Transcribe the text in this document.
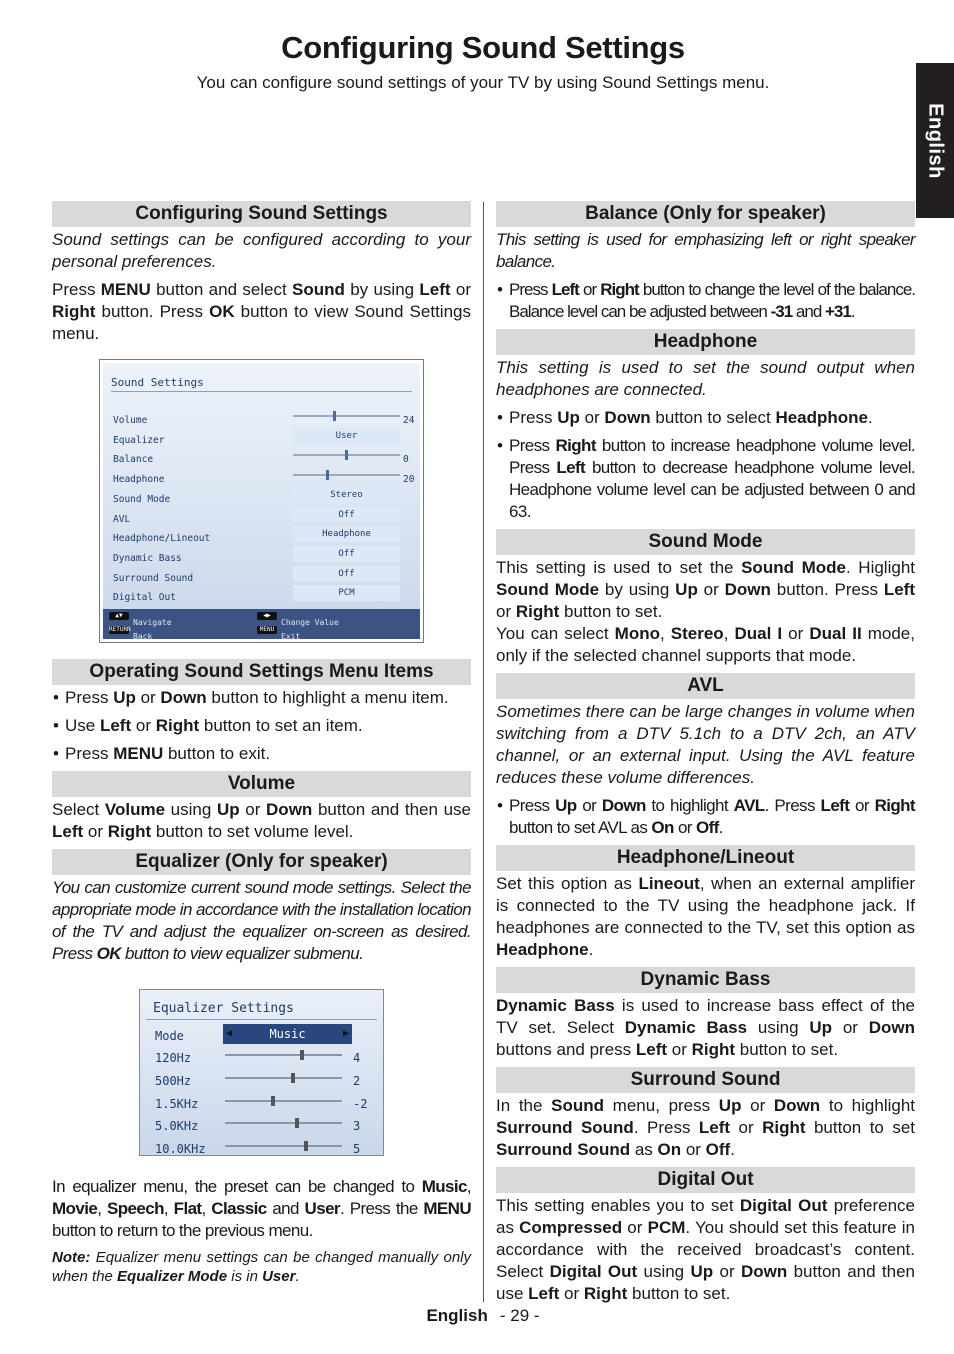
Configuring Sound Settings
You can configure sound settings of your TV by using Sound Settings menu.
English
Configuring Sound Settings

Sound settings can be configured according to your personal preferences.

Press MENU button and select Sound by using Left or Right button. Press OK button to view Sound Settings menu.

Sound Settings
Volume	24
Equalizer	User
Balance	0
Headphone	20
Sound Mode	Stereo
AVL	Off
Headphone/Lineout	Headphone
Dynamic Bass	Off
Surround Sound	Off
Digital Out	PCM
▲▼
Navigate
RETURN
Back
◀▶
Change Value
MENU
Exit
Operating Sound Settings Menu Items
• Press Up or Down button to highlight a menu item.
• Use Left or Right button to set an item.
• Press MENU button to exit.
Volume

Select Volume using Up or Down button and then use Left or Right button to set volume level.

Equalizer (Only for speaker)

You can customize current sound mode settings. Select the appropriate mode in accordance with the installation location of the TV and adjust the equalizer on-screen as desired. Press OK button to view equalizer submenu.

Equalizer Settings
Mode	◀	Music	▶
120Hz	4
500Hz	2
1.5KHz	-2
5.0KHz	3
10.0KHz	5

In equalizer menu, the preset can be changed to Music, Movie, Speech, Flat, Classic and User. Press the MENU button to return to the previous menu.

Note: Equalizer menu settings can be changed manually only when the Equalizer Mode is in User.

Balance (Only for speaker)

This setting is used for emphasizing left or right speaker balance.

• Press Left or Right button to change the level of the balance. Balance level can be adjusted between -31 and +31.
Headphone

This setting is used to set the sound output when headphones are connected.

• Press Up or Down button to select Headphone.
• Press Right button to increase headphone volume level. Press Left button to decrease headphone volume level. Headphone volume level can be adjusted between 0 and 63.
Sound Mode

This setting is used to set the Sound Mode. Higlight Sound Mode by using Up or Down button. Press Left or Right button to set.

You can select Mono, Stereo, Dual I or Dual II mode, only if the selected channel supports that mode.

AVL

Sometimes there can be large changes in volume when switching from a DTV 5.1ch to a DTV 2ch, an ATV channel, or an external input. Using the AVL feature reduces these volume differences.

• Press Up or Down to highlight AVL. Press Left or Right button to set AVL as On or Off.
Headphone/Lineout

Set this option as Lineout, when an external amplifier is connected to the TV using the headphone jack. If headphones are connected to the TV, set this option as Headphone.

Dynamic Bass

Dynamic Bass is used to increase bass effect of the TV set. Select Dynamic Bass using Up or Down buttons and press Left or Right button to set.

Surround Sound

In the Sound menu, press Up or Down to highlight Surround Sound. Press Left or Right button to set Surround Sound as On or Off.

Digital Out

This setting enables you to set Digital Out preference as Compressed or PCM. You should set this feature in accordance with the received broadcast’s content. Select Digital Out using Up or Down button and then use Left or Right button to set.

English - 29 -
